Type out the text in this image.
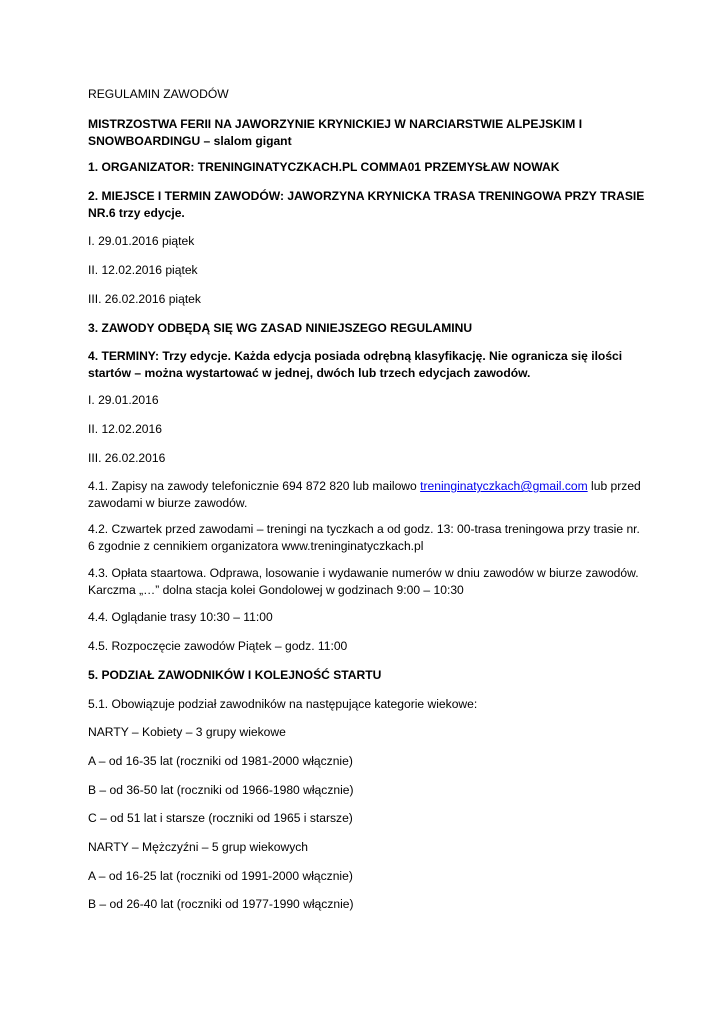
REGULAMIN ZAWODÓW

MISTRZOSTWA FERII NA JAWORZYNIE KRYNICKIEJ W NARCIARSTWIE ALPEJSKIM I SNOWBOARDINGU – slalom gigant

1. ORGANIZATOR: TRENINGINATYCZKACH.PL COMMA01 PRZEMYSŁAW NOWAK

2. MIEJSCE I TERMIN ZAWODÓW: JAWORZYNA KRYNICKA TRASA TRENINGOWA PRZY TRASIE NR.6 trzy edycje.

I. 29.01.2016 piątek

II. 12.02.2016 piątek

III. 26.02.2016 piątek

3. ZAWODY ODBĘDĄ SIĘ WG ZASAD NINIEJSZEGO REGULAMINU

4. TERMINY: Trzy edycje. Każda edycja posiada odrębną klasyfikację. Nie ogranicza się ilości startów – można wystartować w jednej, dwóch lub trzech edycjach zawodów.

I. 29.01.2016

II. 12.02.2016

III. 26.02.2016

4.1. Zapisy na zawody telefonicznie 694 872 820 lub mailowo treninginatyczkach@gmail.com lub przed zawodami w biurze zawodów.

4.2. Czwartek przed zawodami – treningi na tyczkach a od godz. 13: 00-trasa treningowa przy trasie nr. 6 zgodnie z cennikiem organizatora www.treninginatyczkach.pl

4.3. Opłata staartowa. Odprawa, losowanie i wydawanie numerów w dniu zawodów w biurze zawodów. Karczma „…” dolna stacja kolei Gondolowej w godzinach 9:00 – 10:30

4.4. Oglądanie trasy 10:30 – 11:00

4.5. Rozpoczęcie zawodów Piątek – godz. 11:00

5. PODZIAŁ ZAWODNIKÓW I KOLEJNOŚĆ STARTU

5.1. Obowiązuje podział zawodników na następujące kategorie wiekowe:

NARTY – Kobiety – 3 grupy wiekowe

A – od 16-35 lat (roczniki od 1981-2000 włącznie)

B – od 36-50 lat (roczniki od 1966-1980 włącznie)

C – od 51 lat i starsze (roczniki od 1965 i starsze)

NARTY – Mężczyźni – 5 grup wiekowych

A – od 16-25 lat (roczniki od 1991-2000 włącznie)

B – od 26-40 lat (roczniki od 1977-1990 włącznie)
